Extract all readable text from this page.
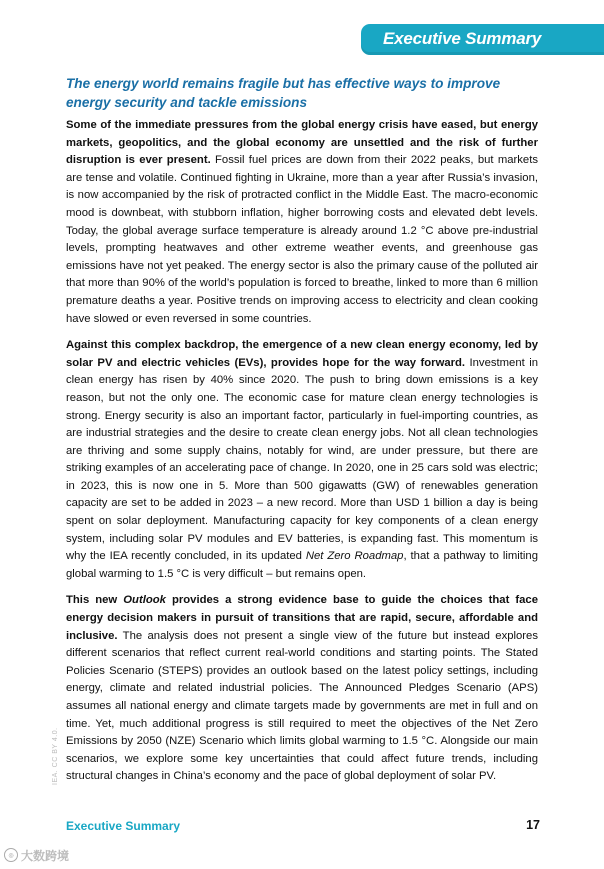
Executive Summary
The energy world remains fragile but has effective ways to improve energy security and tackle emissions

Some of the immediate pressures from the global energy crisis have eased, but energy markets, geopolitics, and the global economy are unsettled and the risk of further disruption is ever present. Fossil fuel prices are down from their 2022 peaks, but markets are tense and volatile. Continued fighting in Ukraine, more than a year after Russia’s invasion, is now accompanied by the risk of protracted conflict in the Middle East. The macro-economic mood is downbeat, with stubborn inflation, higher borrowing costs and elevated debt levels. Today, the global average surface temperature is already around 1.2 °C above pre-industrial levels, prompting heatwaves and other extreme weather events, and greenhouse gas emissions have not yet peaked. The energy sector is also the primary cause of the polluted air that more than 90% of the world’s population is forced to breathe, linked to more than 6 million premature deaths a year. Positive trends on improving access to electricity and clean cooking have slowed or even reversed in some countries.

Against this complex backdrop, the emergence of a new clean energy economy, led by solar PV and electric vehicles (EVs), provides hope for the way forward. Investment in clean energy has risen by 40% since 2020. The push to bring down emissions is a key reason, but not the only one. The economic case for mature clean energy technologies is strong. Energy security is also an important factor, particularly in fuel-importing countries, as are industrial strategies and the desire to create clean energy jobs. Not all clean technologies are thriving and some supply chains, notably for wind, are under pressure, but there are striking examples of an accelerating pace of change. In 2020, one in 25 cars sold was electric; in 2023, this is now one in 5. More than 500 gigawatts (GW) of renewables generation capacity are set to be added in 2023 – a new record. More than USD 1 billion a day is being spent on solar deployment. Manufacturing capacity for key components of a clean energy system, including solar PV modules and EV batteries, is expanding fast. This momentum is why the IEA recently concluded, in its updated Net Zero Roadmap, that a pathway to limiting global warming to 1.5 °C is very difficult – but remains open.

This new Outlook provides a strong evidence base to guide the choices that face energy decision makers in pursuit of transitions that are rapid, secure, affordable and inclusive. The analysis does not present a single view of the future but instead explores different scenarios that reflect current real-world conditions and starting points. The Stated Policies Scenario (STEPS) provides an outlook based on the latest policy settings, including energy, climate and related industrial policies. The Announced Pledges Scenario (APS) assumes all national energy and climate targets made by governments are met in full and on time. Yet, much additional progress is still required to meet the objectives of the Net Zero Emissions by 2050 (NZE) Scenario which limits global warming to 1.5 °C. Alongside our main scenarios, we explore some key uncertainties that could affect future trends, including structural changes in China’s economy and the pace of global deployment of solar PV.

IEA. CC BY 4.0.
Executive Summary	17
◎ 大数跨境
